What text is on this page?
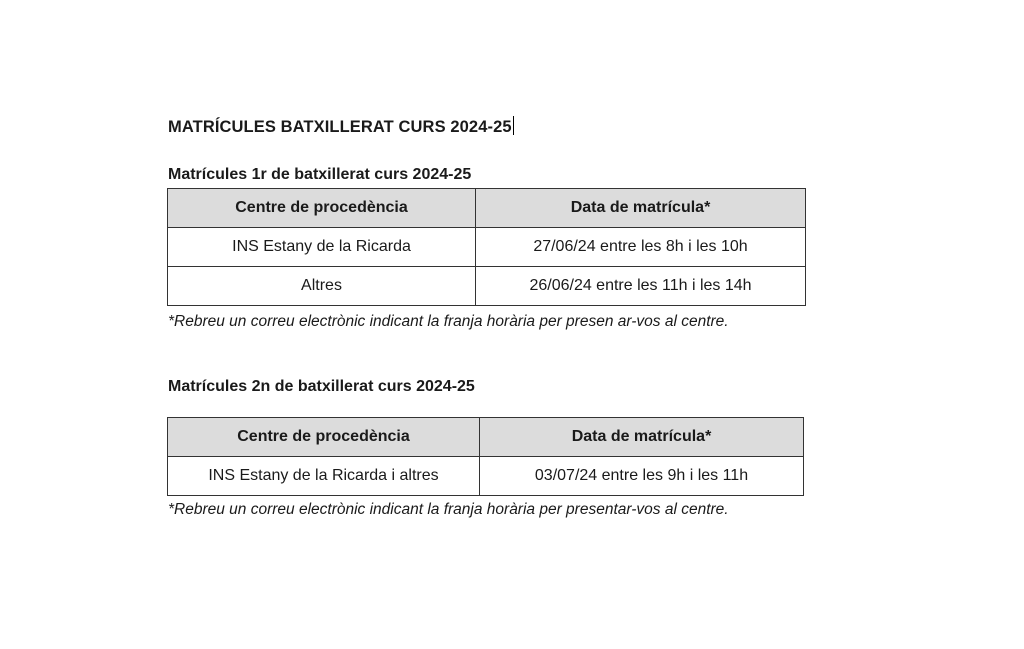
MATRÍCULES BATXILLERAT CURS 2024-25
Matrícules 1r de batxillerat curs 2024-25
Centre de procedència	Data de matrícula*
INS Estany de la Ricarda	27/06/24 entre les 8h i les 10h
Altres	26/06/24 entre les 11h i les 14h
*Rebreu un correu electrònic indicant la franja horària per presen ar-vos al centre.
Matrícules 2n de batxillerat curs 2024-25
Centre de procedència	Data de matrícula*
INS Estany de la Ricarda i altres	03/07/24 entre les 9h i les 11h
*Rebreu un correu electrònic indicant la franja horària per presentar-vos al centre.
